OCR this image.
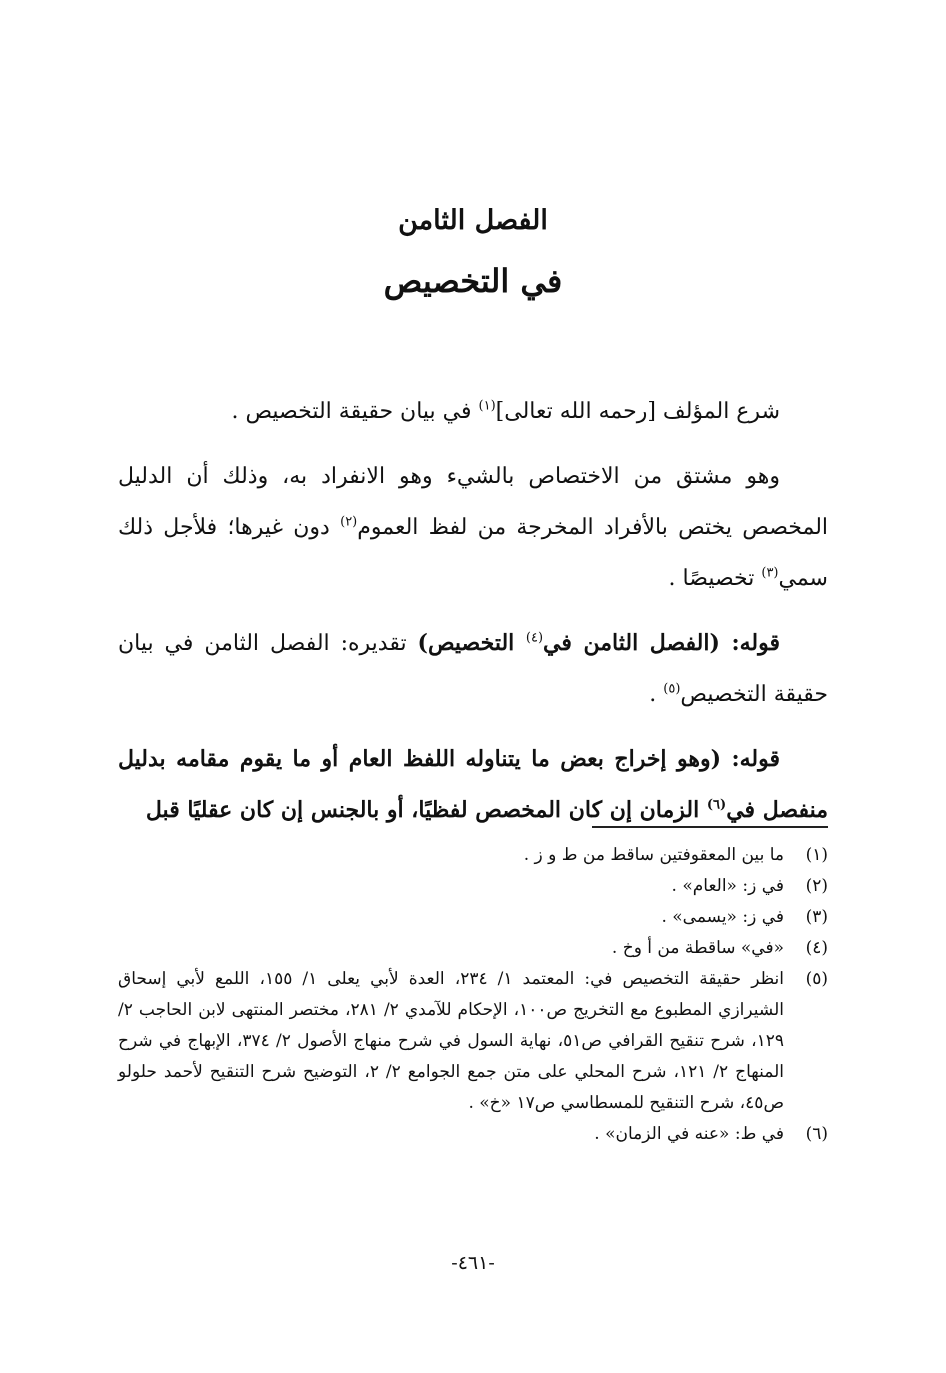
الفصل الثامن
في التخصيص

شرع المؤلف [رحمه الله تعالى]$^{(١)}$ في بيان حقيقة التخصيص .

وهو مشتق من الاختصاص بالشيء وهو الانفراد به، وذلك أن الدليل المخصص يختص بالأفراد المخرجة من لفظ العموم$^{(٢)}$ دون غيرها؛ فلأجل ذلك سمي$^{(٣)}$ تخصيصًا .

قوله: (الفصل الثامن في$^{(٤)}$ التخصيص) تقديره: الفصل الثامن في بيان حقيقة التخصيص$^{(٥)}$ .

قوله: (وهو إخراج بعض ما يتناوله اللفظ العام أو ما يقوم مقامه بدليل منفصل في$^{(٦)}$ الزمان إن كان المخصص لفظيًا، أو بالجنس إن كان عقليًا قبل

(١)
ما بين المعقوفتين ساقط من ط و ز .
(٢)
في ز: «العام» .
(٣)
في ز: «يسمى» .
(٤)
«في» ساقطة من أ وخ .
(٥)
انظر حقيقة التخصيص في: المعتمد ١/ ٢٣٤، العدة لأبي يعلى ١/ ١٥٥، اللمع لأبي إسحاق الشيرازي المطبوع مع التخريج ص١٠٠، الإحكام للآمدي ٢/ ٢٨١، مختصر المنتهى لابن الحاجب ٢/ ١٢٩، شرح تنقيح القرافي ص٥١، نهاية السول في شرح منهاج الأصول ٢/ ٣٧٤، الإبهاج في شرح المنهاج ٢/ ١٢١، شرح المحلي على متن جمع الجوامع ٢/ ٢، التوضيح شرح التنقيح لأحمد حلولو ص٤٥، شرح التنقيح للمسطاسي ص١٧ «خ» .
(٦)
في ط: «عنه في الزمان» .
-٤٦١-
